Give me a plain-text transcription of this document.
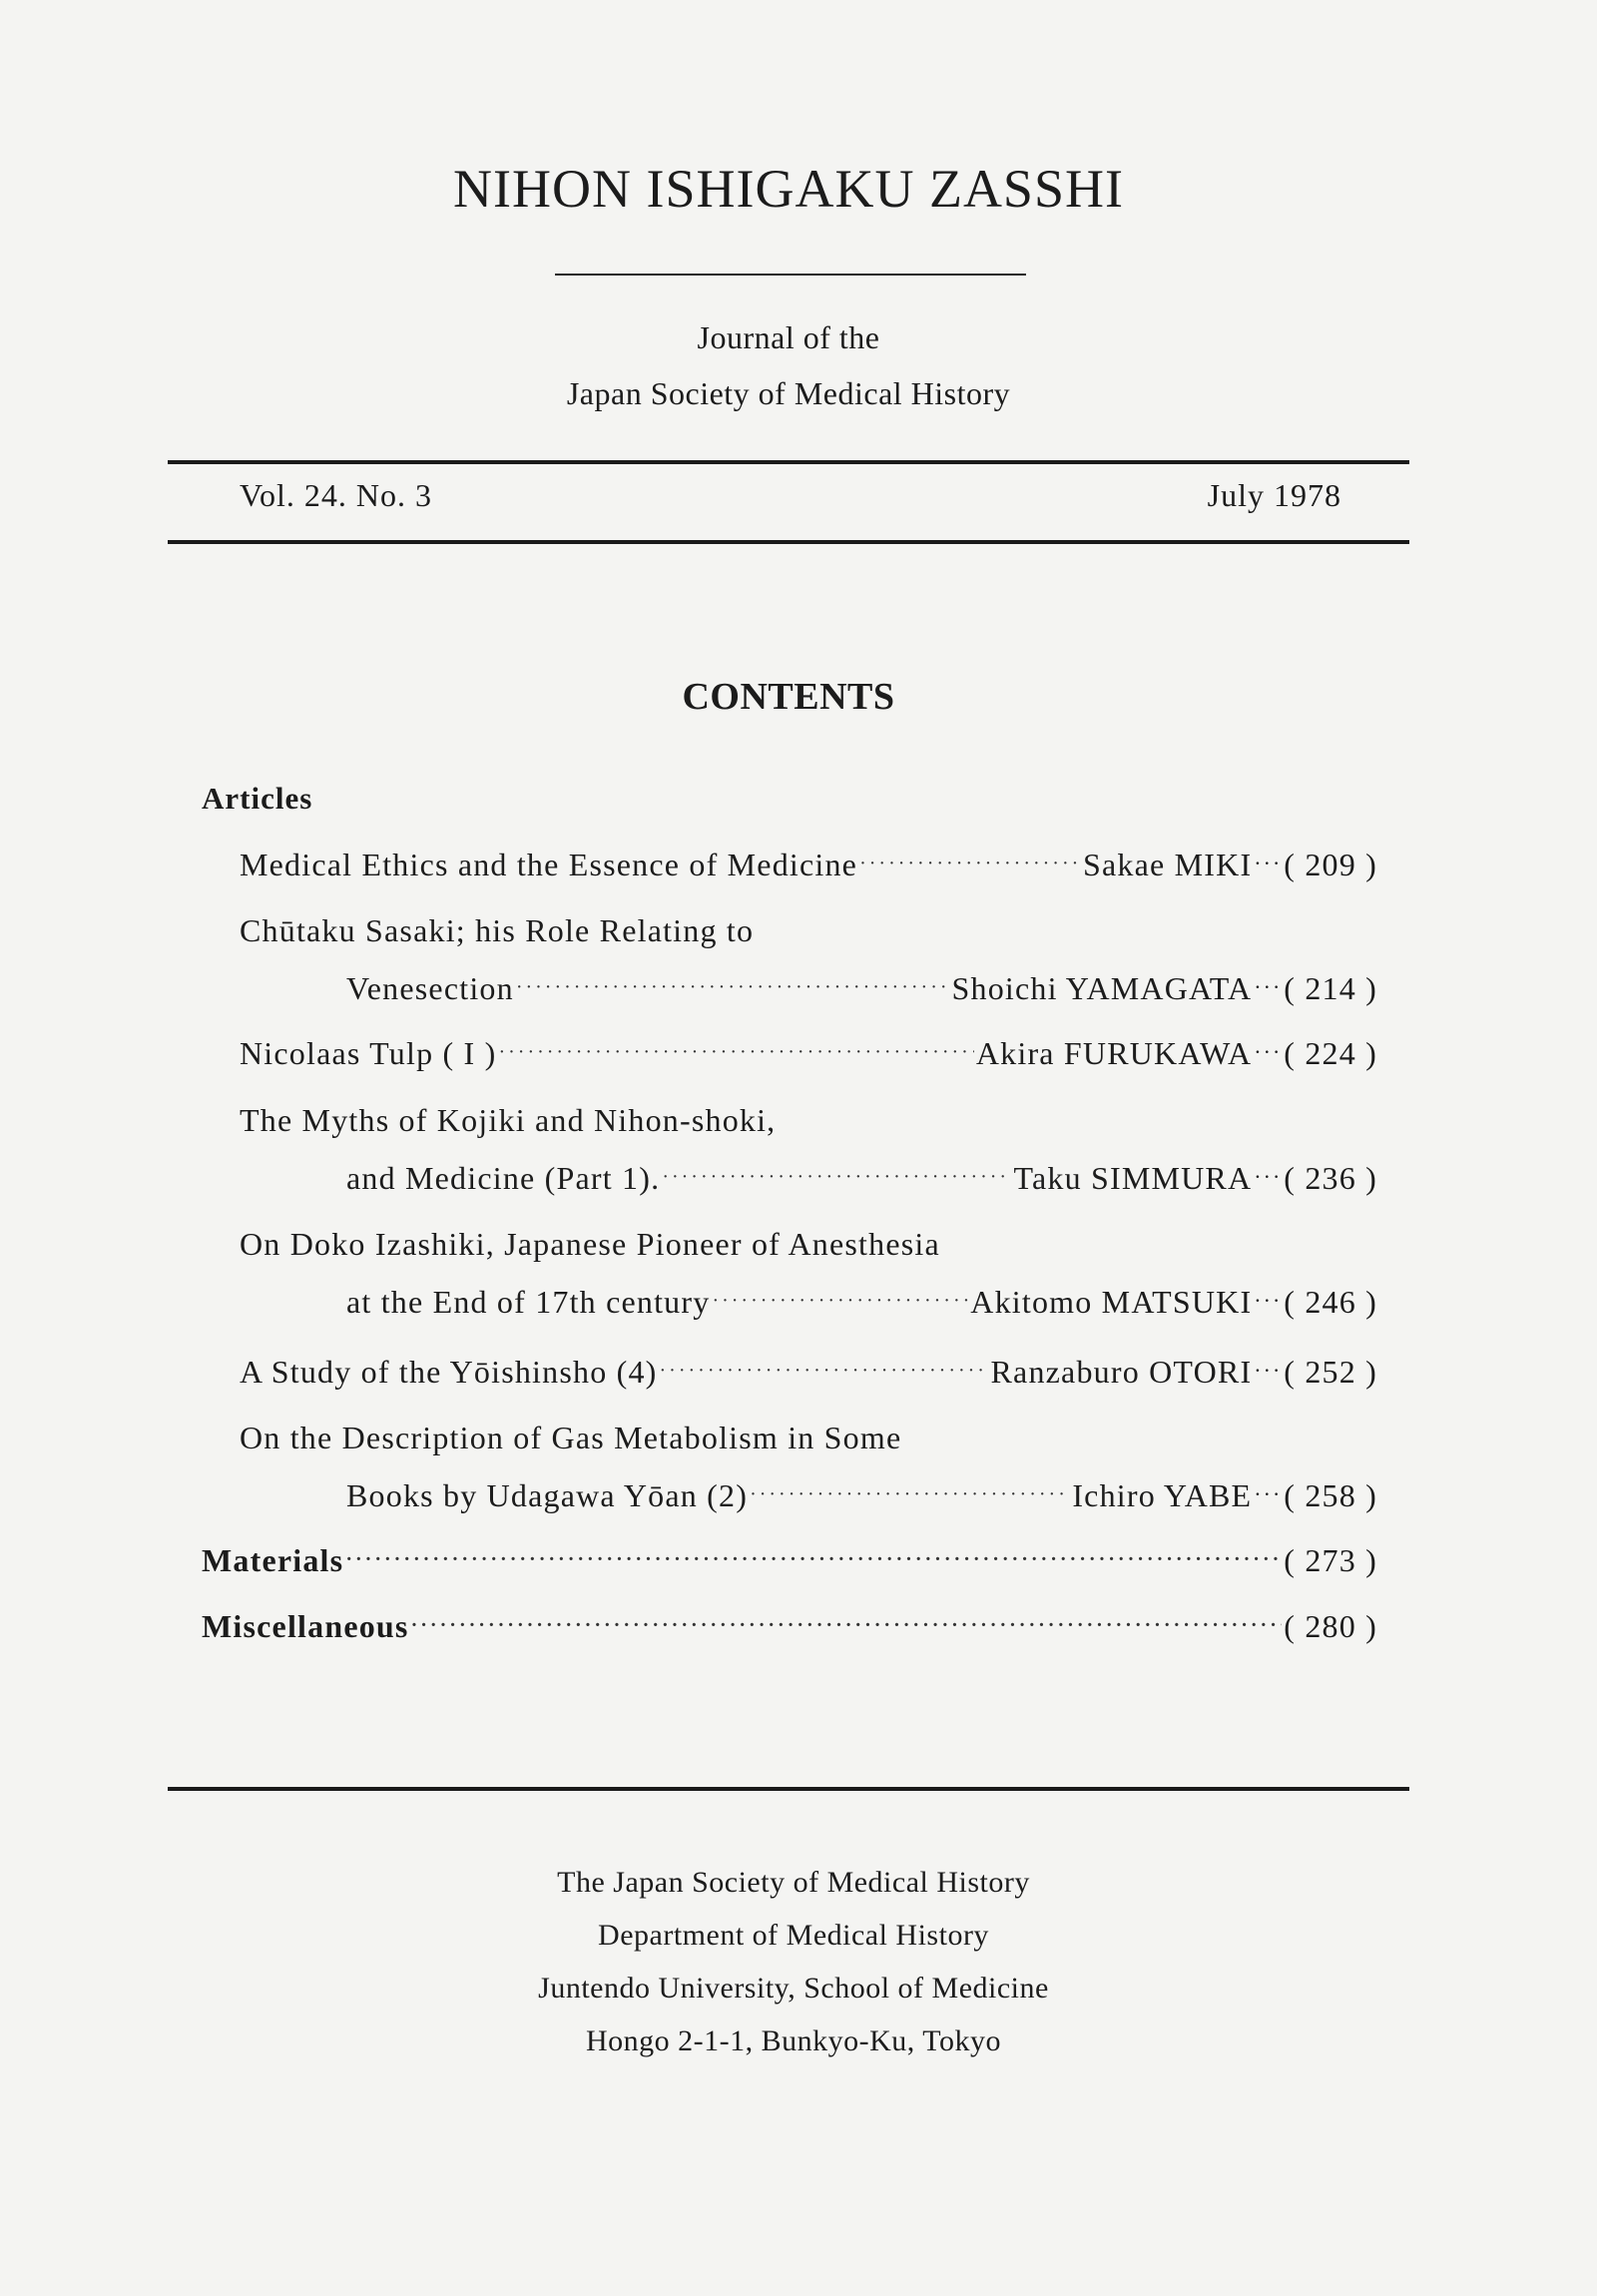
NIHON ISHIGAKU ZASSHI
Journal of the
Japan Society of Medical History
Vol. 24. No. 3	July 1978
CONTENTS
Articles
Medical Ethics and the Essence of Medicine ·····	Sakae MIKI ··· ( 209 )
Chūtaku Sasaki; his Role Relating to
Venesection ·····	Shoichi YAMAGATA ··· ( 214 )
Nicolaas Tulp ( I ) ·····	Akira FURUKAWA ··· ( 224 )
The Myths of Kojiki and Nihon-shoki,
and Medicine (Part 1). ·····	Taku SIMMURA ··· ( 236 )
On Doko Izashiki, Japanese Pioneer of Anesthesia
at the End of 17th century ·····	Akitomo MATSUKI ··· ( 246 )
A Study of the Yōishinsho (4) ·····	Ranzaburo OTORI ··· ( 252 )
On the Description of Gas Metabolism in Some
Books by Udagawa Yōan (2) ·····	Ichiro YABE ··· ( 258 )
Materials ·····	( 273 )
Miscellaneous ·····	( 280 )
The Japan Society of Medical History
Department of Medical History
Juntendo University, School of Medicine
Hongo 2-1-1, Bunkyo-Ku, Tokyo
